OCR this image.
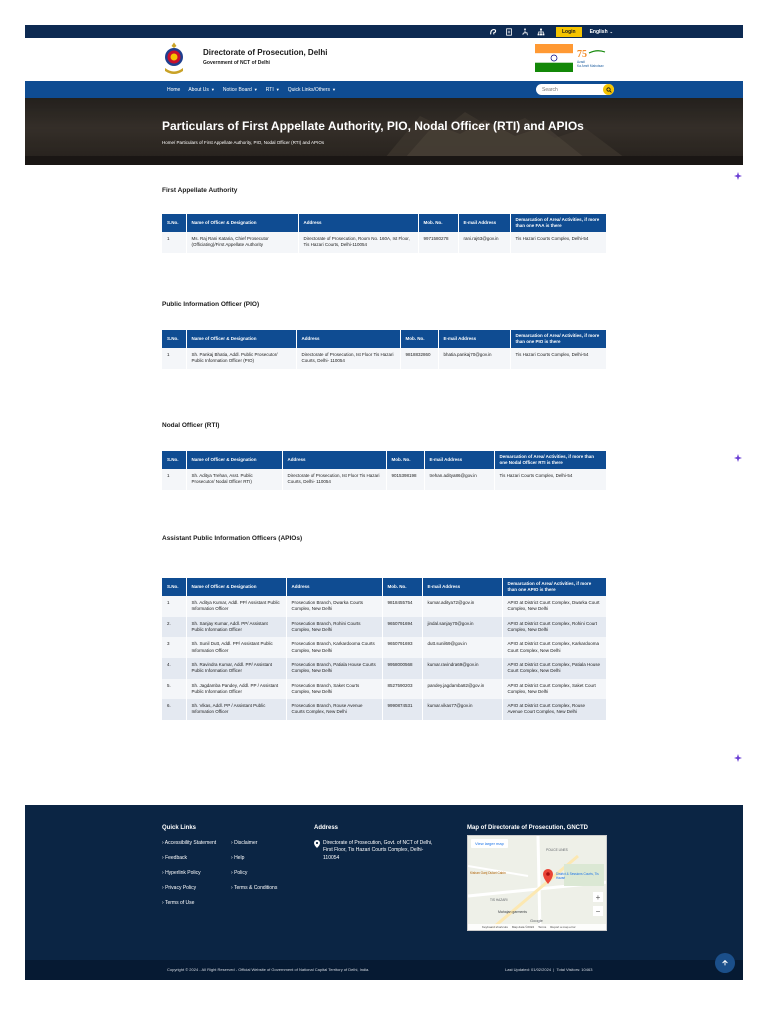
Login	English ⌄
Directorate of Prosecution, Delhi
Government of NCT of Delhi
75
Azadi
Ka Amrit Mahotsav
Home About Us ▼ Notice Board ▼ RTI ▼ Quick Links/Others ▼
Search
Particulars of First Appellate Authority, PIO, Nodal Officer (RTI) and APIOs
Home/ Particulars of First Appellate Authority, PIO, Nodal Officer (RTI) and APIOs
First Appellate Authority
S.No.	Name of Officer & Designation	Address	Mob. No.	E-mail Address	Demarcation of Area/ Activities, if more than one FAA is there
1	Ms. Raj Rani Kataria, Chief Prosecutor (Officiating)/First Appellate Authority	Directorate of Prosecution, Room No. 160A, Ist Floor, Tis Hazari Courts, Delhi-110054	9971580278	rani.raj63@gov.in	Tis Hazari Courts Complex, Delhi-54
Public Information Officer (PIO)
S.No.	Name of Officer & Designation	Address	Mob. No.	E-mail Address	Demarcation of Area/ Activities, if more than one PIO is there
1	Sh. Pankaj Bhatia, Addl. Public Prosecutor/ Public Information Officer (PIO)	Directorate of Prosecution, Ist Floor Tis Hazari Courts, Delhi- 110054	9818832860	bhatia.pankaj70@gov.in	Tis Hazari Courts Complex, Delhi-54
Nodal Officer (RTI)
S.No.	Name of Officer & Designation	Address	Mob. No.	E-mail Address	Demarcation of Area/ Activities, if more than one Nodal Officer RTI is there
1	Sh. Aditya Trehan, Asst. Public Prosecutor/ Nodal Officer RTI)	Directorate of Prosecution, Ist Floor Tis Hazari Courts, Delhi- 110054	9015398198	trehan.aditya86@gov.in	Tis Hazari Courts Complex, Delhi-54
Assistant Public Information Officers (APIOs)
S.No.	Name of Officer & Designation	Address	Mob. No.	E-mail Address	Demarcation of Area/ Activities, if more than one APIO is there
1	Sh. Aditya Kumar, Addl. PP/ Assistant Public Information Officer	Prosecution Branch, Dwarka Courts Complex, New Delhi	9818455754	kumar.aditya72@gov.in	APIO at District Court Complex, Dwarka Court Complex, New Delhi
2.	Sh. Sanjay Kumar, Addl. PP/ Assistant Public Information Officer	Prosecution Branch, Rohini Courts Complex, New Delhi	9650791694	jindal.sanjay70@gov.in	APIO at District Court Complex, Rohini Court Complex, New Delhi
3	Sh. Sunil Dutt, Addl. PP/ Assistant Public Information Officer	Prosecution Branch, Karkardooma Courts Complex, New Delhi	9650791693	dutt.sunil69@gov.in	APIO at District Court Complex, Karkardooma Court Complex, New Delhi
4.	Sh. Ravindra Kumar, Addl. PP/ Assistant Public Information Officer	Prosecution Branch, Patiala House Courts Complex, New Delhi	9958000568	kumar.ravindra69@gov.in	APIO at District Court Complex, Patiala House Court Complex, New Delhi
5.	Sh. Jagdamba Pandey, Addl. PP / Assistant Public Information Officer	Prosecution Branch, Saket Courts Complex, New Delhi	8527590203	pandey.jagdamba82@gov.in	APIO at District Court Complex, Saket Court Complex, New Delhi
6.	Sh. Vikas, Addl. PP / Assistant Public Information Officer	Prosecution Branch, Rouse Avenue Courts Complex, New Delhi	9990874531	kumar.vikas77@gov.in	APIO at District Court Complex, Rouse Avenue Court Complex, New Delhi
Quick Links
› Accessibility Statement
› Feedback
› Hyperlink Policy
› Privacy Policy
› Terms of Use
› Disclaimer
› Help
› Policy
› Terms & Conditions
Address
Directorate of Prosecution, Govt. of NCT of Delhi, First Floor, Tis Hazari Courts Complex, Delhi-110054
Map of Directorate of Prosecution, GNCTD
View larger map
POLICE LINES
District & Sessions Courts, Tis Hazari
Kishan Ganj Dulari Cabin
TIS HAZARI
Mahajan garments
Google
+
−
Keyboard shortcuts Map data ©2024 Terms Report a map error
Copyright © 2024 - All Right Reserved - Official Website of Government of National Capital Territory of Delhi, India.	Last Updated: 01/02/2024  |  Total Visitors: 10463
